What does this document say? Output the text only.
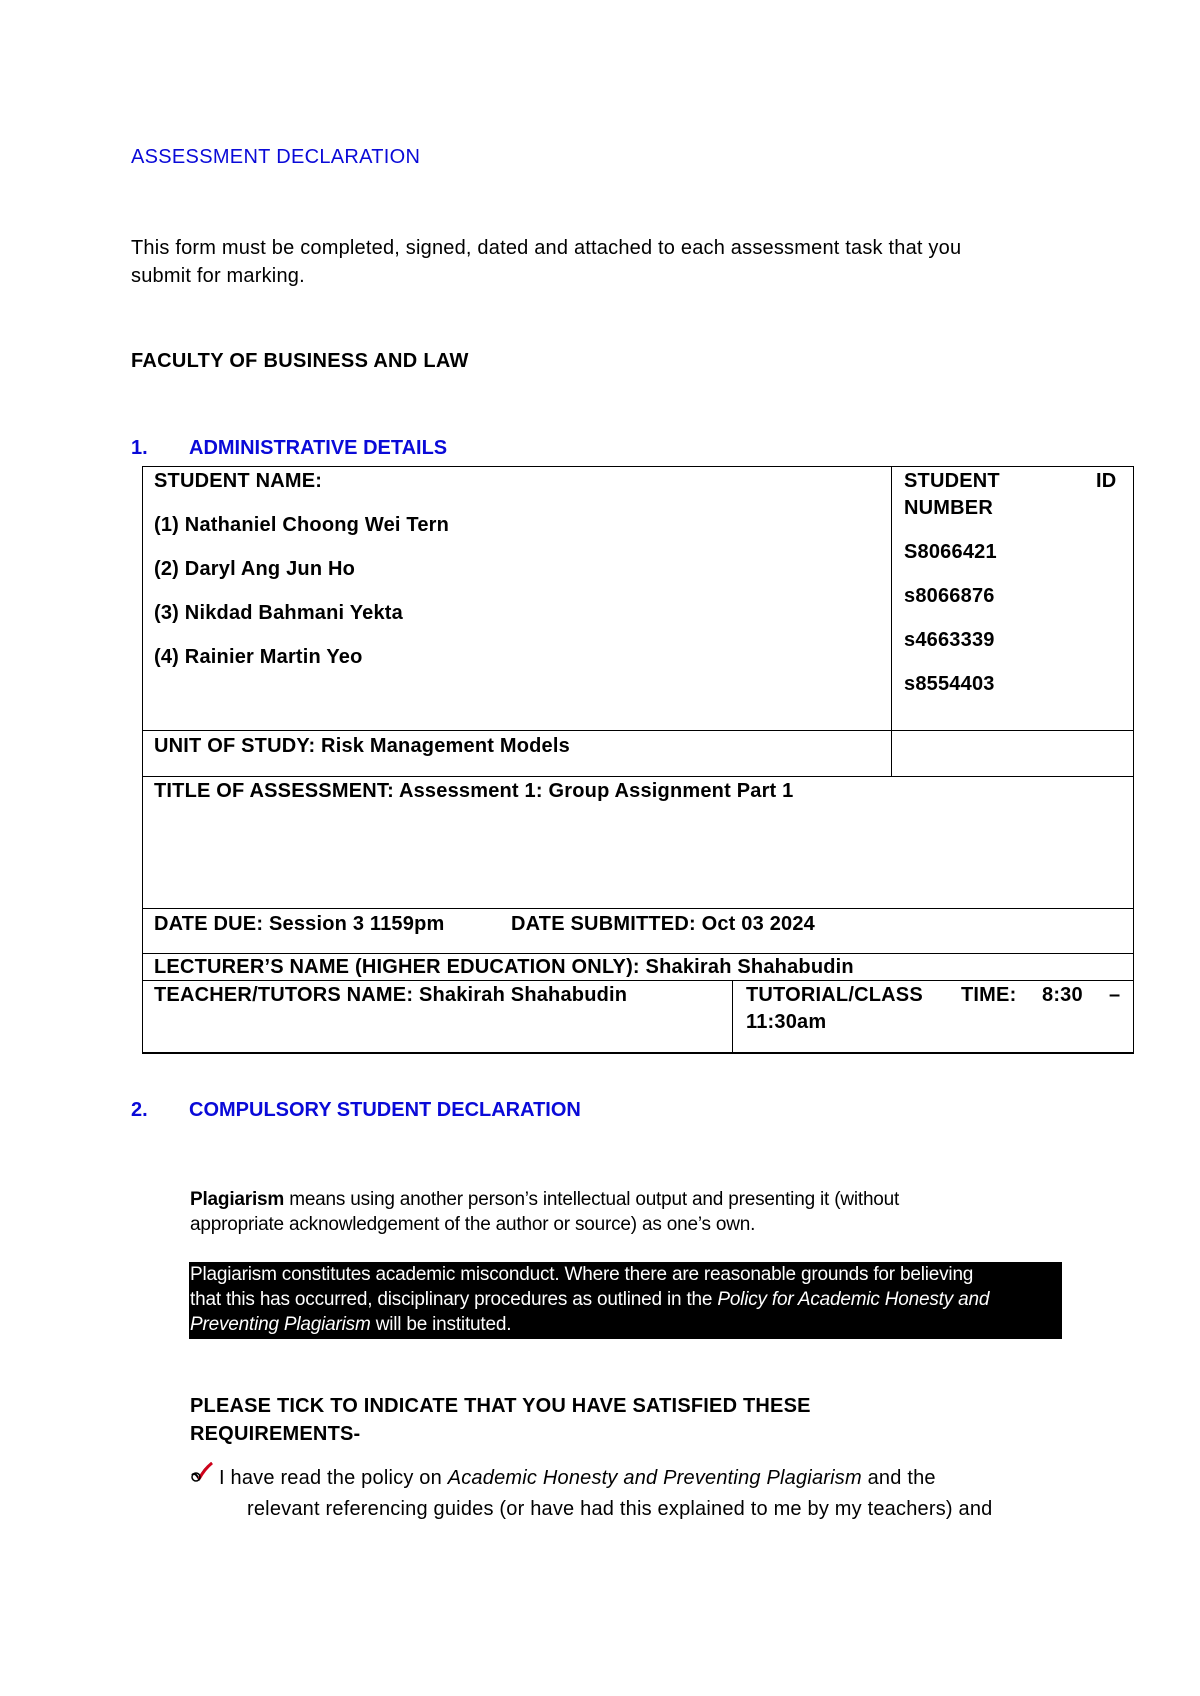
ASSESSMENT DECLARATION
This form must be completed, signed, dated and attached to each assessment task that you
submit for marking.
FACULTY OF BUSINESS AND LAW
1. ADMINISTRATIVE DETAILS
STUDENT NAME:
(1) Nathaniel Choong Wei Tern
(2) Daryl Ang Jun Ho
(3) Nikdad Bahmani Yekta
(4) Rainier Martin Yeo
STUDENT	ID
NUMBER
S8066421
s8066876
s4663339
s8554403
UNIT OF STUDY: Risk Management Models
TITLE OF ASSESSMENT: Assessment 1: Group Assignment Part 1
DATE DUE: Session 3 1159pm	DATE SUBMITTED: Oct 03 2024
LECTURER’S NAME (HIGHER EDUCATION ONLY): Shakirah Shahabudin
TEACHER/TUTORS NAME: Shakirah Shahabudin	TUTORIAL/CLASS TIME: 8:30 –
11:30am
2. COMPULSORY STUDENT DECLARATION
Plagiarism means using another person’s intellectual output and presenting it (without
appropriate acknowledgement of the author or source) as one’s own.
Plagiarism constitutes academic misconduct. Where there are reasonable grounds for believing
that this has occurred, disciplinary procedures as outlined in the Policy for Academic Honesty and
Preventing Plagiarism will be instituted.
PLEASE TICK TO INDICATE THAT YOU HAVE SATISFIED THESE
REQUIREMENTS-
I have read the policy on Academic Honesty and Preventing Plagiarism and the
relevant referencing guides (or have had this explained to me by my teachers) and
